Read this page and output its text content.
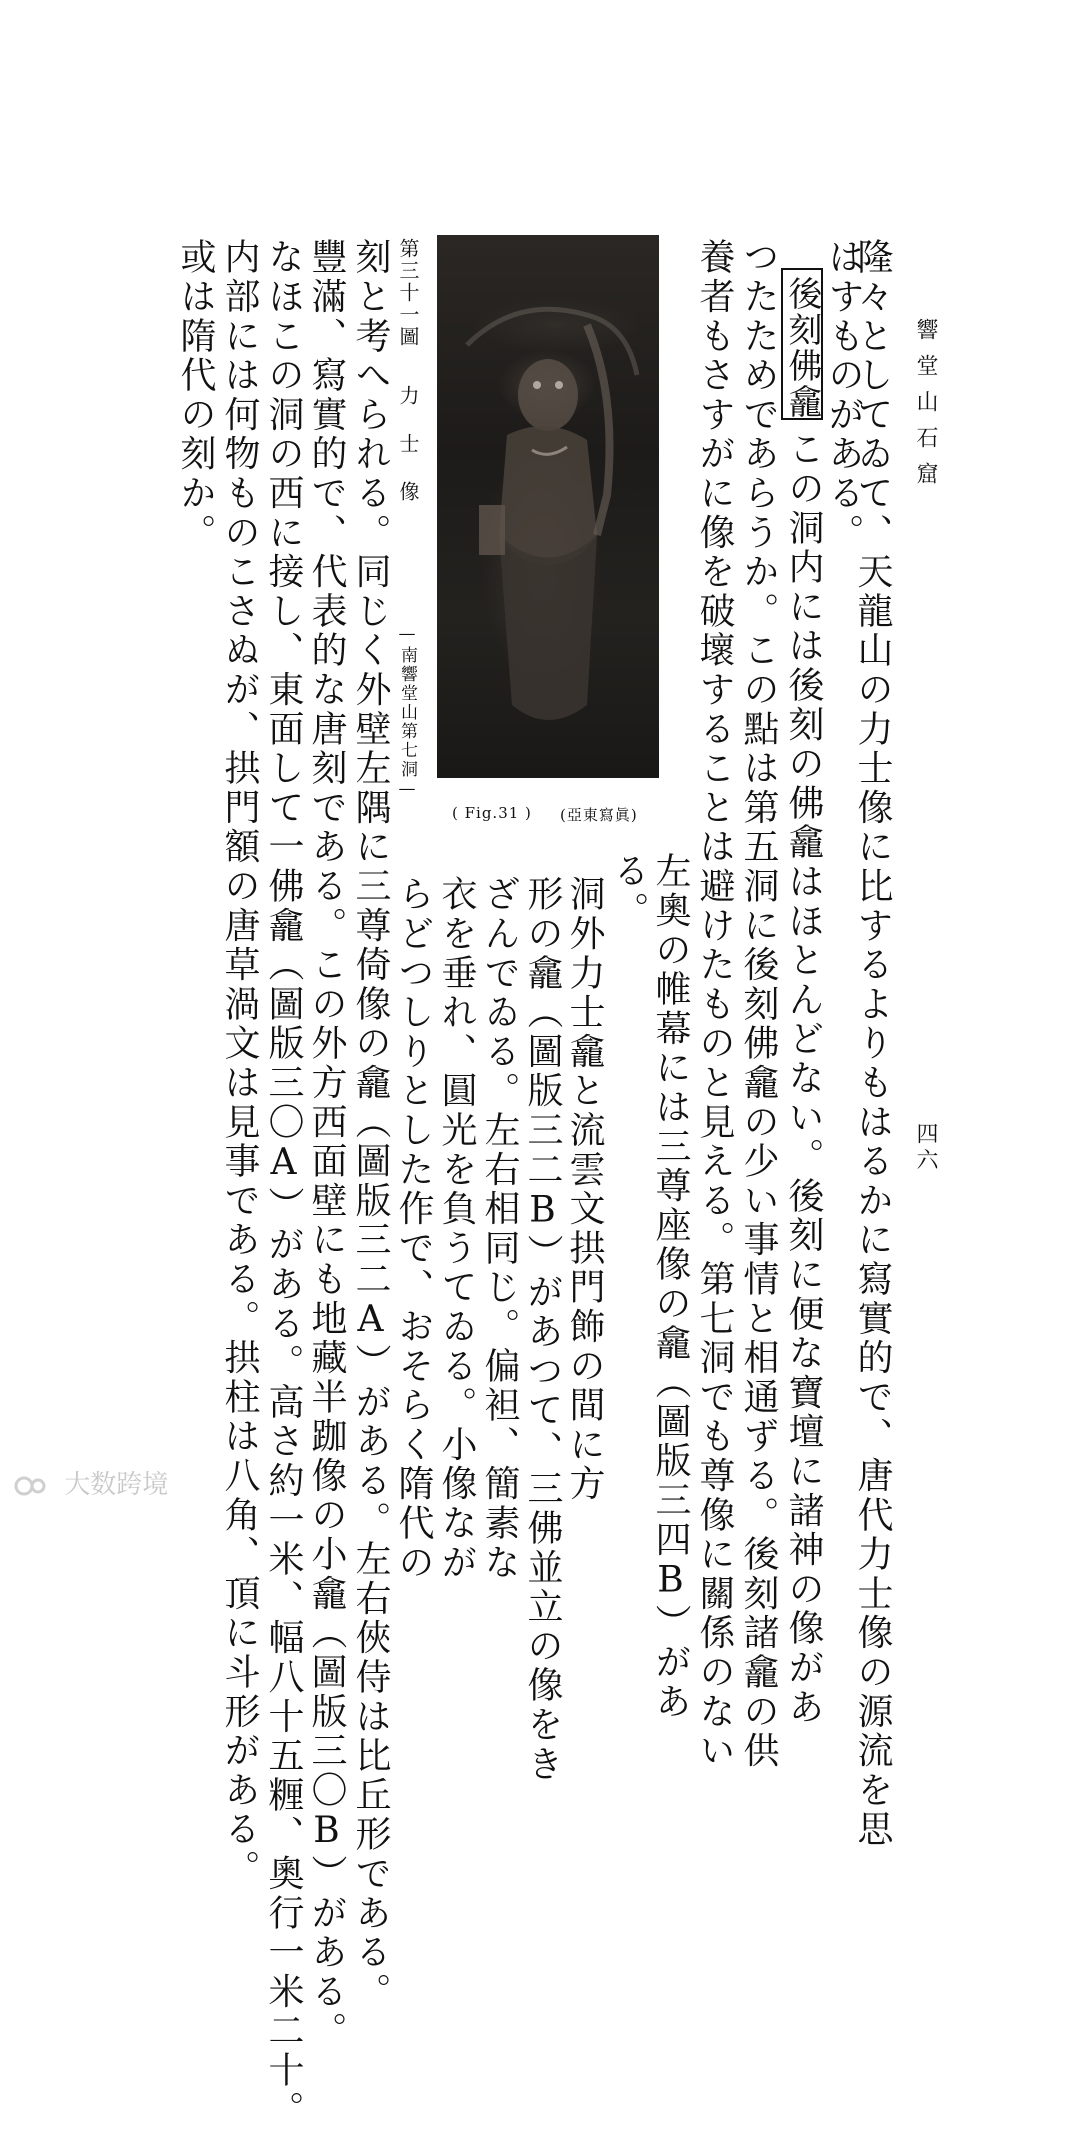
響堂山石窟
四六
隆々としてゐて、天龍山の力士像に比するよりもはるかに寫實的で、唐代力士像の源流を思
はすものがある。
後刻佛龕
この洞内には後刻の佛龕はほとんどない。後刻に便な寶壇に諸神の像があ
つたためであらうか。この點は第五洞に後刻佛龕の少い事情と相通ずる。後刻諸龕の供
養者もさすがに像を破壞することは避けたものと見える。第七洞でも尊像に關係のない
左奧の帷幕には三尊座像の龕（圖版三四B）があ
る。
洞外力士龕と流雲文拱門飾の間に方
形の龕（圖版三二B）があつて、三佛並立の像をき
ざんでゐる。左右相同じ。偏袒、簡素な
衣を垂れ、圓光を負うてゐる。小像なが
らどつしりとした作で、おそらく隋代の
第三十一圖
力士像
—南響堂山第七洞—
( Fig.31 ) (亞東寫眞)
刻と考へられる。同じく外壁左隅に三尊倚像の龕（圖版三二A）がある。左右俠侍は比丘形である。
豐滿、寫實的で、代表的な唐刻である。この外方西面壁にも地藏半跏像の小龕（圖版三〇B）がある。
なほこの洞の西に接し、東面して一佛龕（圖版三〇A）がある。高さ約一米、幅八十五糎、奧行一米二十。
内部には何物ものこさぬが、拱門額の唐草渦文は見事である。拱柱は八角、頂に斗形がある。
或は隋代の刻か。
大数跨境
